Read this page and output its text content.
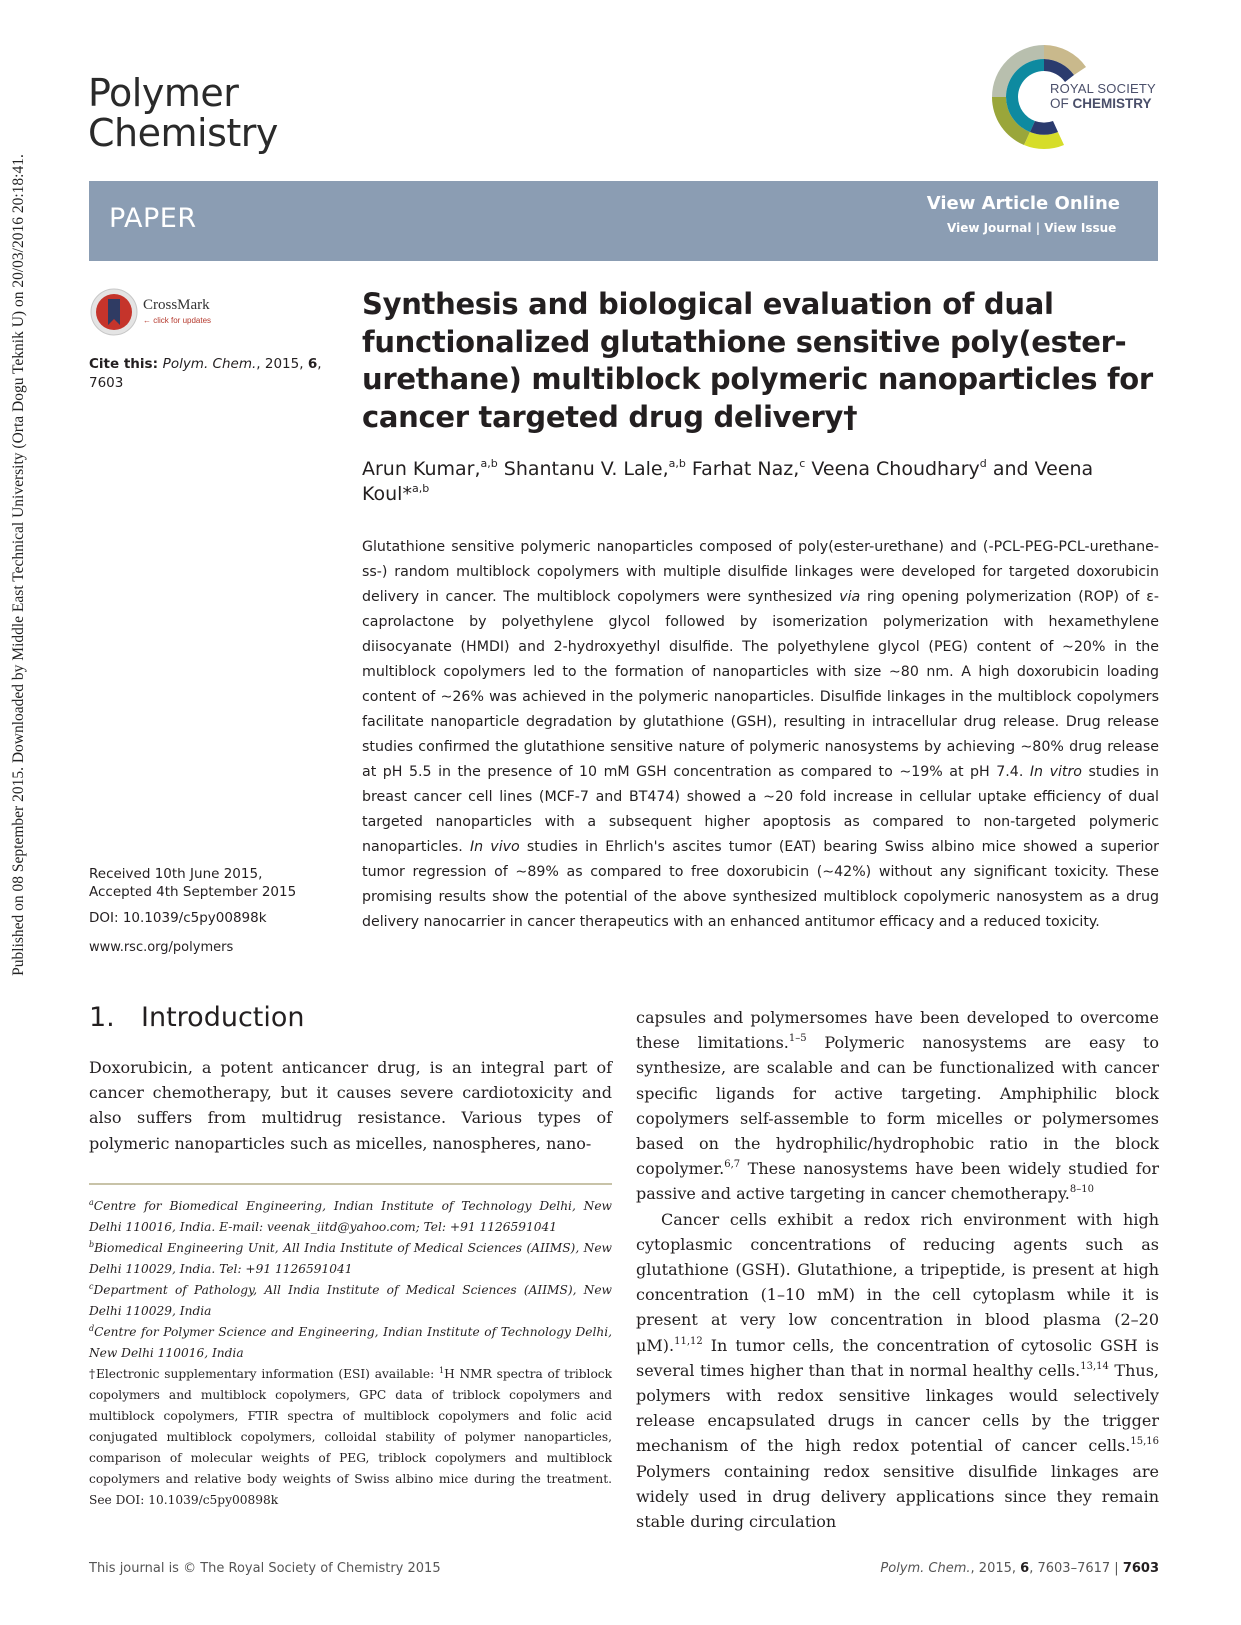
Published on 08 September 2015. Downloaded by Middle East Technical University (Orta Dogu Teknik U) on 20/03/2016 20:18:41.
Polymer
Chemistry
ROYAL SOCIETY
OF CHEMISTRY
PAPER	View Article Online
View Journal | View Issue
CrossMark
← click for updates
Cite this: Polym. Chem., 2015, 6,
7603
Received 10th June 2015,
Accepted 4th September 2015
DOI: 10.1039/c5py00898k
www.rsc.org/polymers
Synthesis and biological evaluation of dual functionalized glutathione sensitive poly(ester-urethane) multiblock polymeric nanoparticles for cancer targeted drug delivery†
Arun Kumar,$^{a,b}$ Shantanu V. Lale,$^{a,b}$ Farhat Naz,$^c$ Veena Choudhary$^d$ and Veena Koul*$^{a,b}$
Glutathione sensitive polymeric nanoparticles composed of poly(ester-urethane) and (-PCL-PEG-PCL-urethane-ss-) random multiblock copolymers with multiple disulfide linkages were developed for targeted doxorubicin delivery in cancer. The multiblock copolymers were synthesized via ring opening polymerization (ROP) of ε-caprolactone by polyethylene glycol followed by isomerization polymerization with hexamethylene diisocyanate (HMDI) and 2-hydroxyethyl disulfide. The polyethylene glycol (PEG) content of ∼20% in the multiblock copolymers led to the formation of nanoparticles with size ∼80 nm. A high doxorubicin loading content of ∼26% was achieved in the polymeric nanoparticles. Disulfide linkages in the multiblock copolymers facilitate nanoparticle degradation by glutathione (GSH), resulting in intracellular drug release. Drug release studies confirmed the glutathione sensitive nature of polymeric nanosystems by achieving ∼80% drug release at pH 5.5 in the presence of 10 mM GSH concentration as compared to ∼19% at pH 7.4. In vitro studies in breast cancer cell lines (MCF-7 and BT474) showed a ∼20 fold increase in cellular uptake efficiency of dual targeted nanoparticles with a subsequent higher apoptosis as compared to non-targeted polymeric nanoparticles. In vivo studies in Ehrlich's ascites tumor (EAT) bearing Swiss albino mice showed a superior tumor regression of ∼89% as compared to free doxorubicin (∼42%) without any significant toxicity. These promising results show the potential of the above synthesized multiblock copolymeric nanosystem as a drug delivery nanocarrier in cancer therapeutics with an enhanced antitumor efficacy and a reduced toxicity.
1. Introduction
Doxorubicin, a potent anticancer drug, is an integral part of cancer chemotherapy, but it causes severe cardiotoxicity and also suffers from multidrug resistance. Various types of polymeric nanoparticles such as micelles, nanospheres, nano-

capsules and polymersomes have been developed to overcome these limitations.$^{1-5}$ Polymeric nanosystems are easy to synthesize, are scalable and can be functionalized with cancer specific ligands for active targeting. Amphiphilic block copolymers self-assemble to form micelles or polymersomes based on the hydrophilic/hydrophobic ratio in the block copolymer.$^{6,7}$ These nanosystems have been widely studied for passive and active targeting in cancer chemotherapy.$^{8-10}$

Cancer cells exhibit a redox rich environment with high cytoplasmic concentrations of reducing agents such as glutathione (GSH). Glutathione, a tripeptide, is present at high concentration (1–10 mM) in the cell cytoplasm while it is present at very low concentration in blood plasma (2–20 μM).$^{11,12}$ In tumor cells, the concentration of cytosolic GSH is several times higher than that in normal healthy cells.$^{13,14}$ Thus, polymers with redox sensitive linkages would selectively release encapsulated drugs in cancer cells by the trigger mechanism of the high redox potential of cancer cells.$^{15,16}$ Polymers containing redox sensitive disulfide linkages are widely used in drug delivery applications since they remain stable during circulation

$^a$Centre for Biomedical Engineering, Indian Institute of Technology Delhi, New Delhi 110016, India. E-mail: veenak_iitd@yahoo.com; Tel: +91 1126591041

$^b$Biomedical Engineering Unit, All India Institute of Medical Sciences (AIIMS), New Delhi 110029, India. Tel: +91 1126591041

$^c$Department of Pathology, All India Institute of Medical Sciences (AIIMS), New Delhi 110029, India

$^d$Centre for Polymer Science and Engineering, Indian Institute of Technology Delhi, New Delhi 110016, India

†Electronic supplementary information (ESI) available: $^1$H NMR spectra of triblock copolymers and multiblock copolymers, GPC data of triblock copolymers and multiblock copolymers, FTIR spectra of multiblock copolymers and folic acid conjugated multiblock copolymers, colloidal stability of polymer nanoparticles, comparison of molecular weights of PEG, triblock copolymers and multiblock copolymers and relative body weights of Swiss albino mice during the treatment. See DOI: 10.1039/c5py00898k

This journal is © The Royal Society of Chemistry 2015	Polym. Chem., 2015, 6, 7603–7617 | 7603
